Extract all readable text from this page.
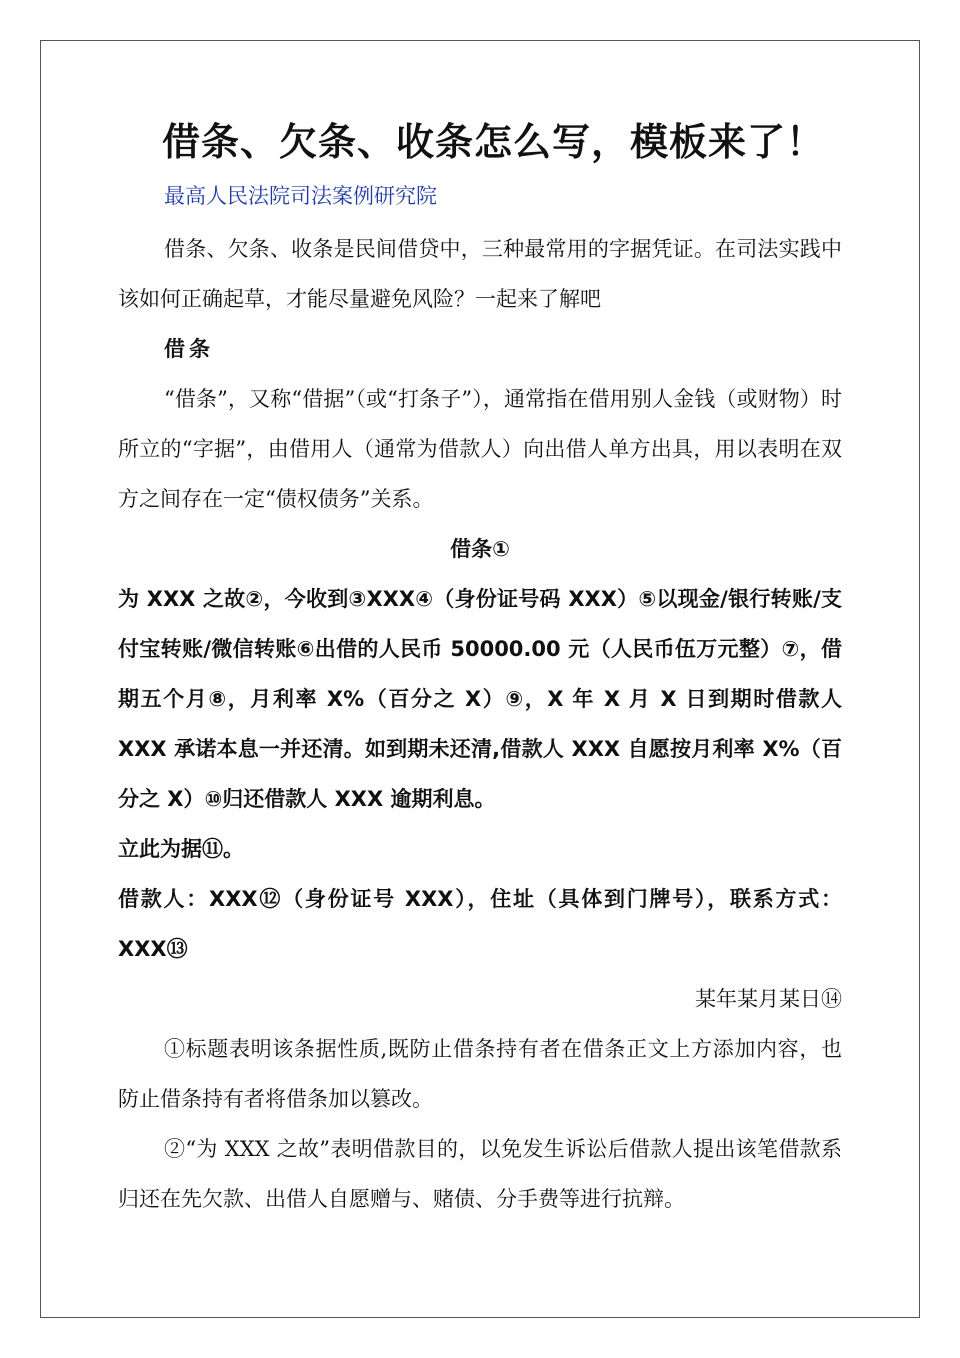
借条、欠条、收条怎么写，模板来了！
最高人民法院司法案例研究院

借条、欠条、收条是民间借贷中，三种最常用的字据凭证。在司法实践中该如何正确起草，才能尽量避免风险？一起来了解吧

借条

“借条”，又称“借据”（或“打条子”），通常指在借用别人金钱（或财物）时所立的“字据”，由借用人（通常为借款人）向出借人单方出具，用以表明在双方之间存在一定“债权债务”关系。

借条①

为 XXX 之故②，今收到③XXX④（身份证号码 XXX）⑤以现金/银行转账/支付宝转账/微信转账⑥出借的人民币 50000.00 元（人民币伍万元整）⑦，借期五个月⑧，月利率 X%（百分之 X）⑨，X 年 X 月 X 日到期时借款人 XXX 承诺本息一并还清。如到期未还清,借款人 XXX 自愿按月利率 X%（百分之 X）⑩归还借款人 XXX 逾期利息。

立此为据⑪。

借款人：XXX⑫（身份证号 XXX），住址（具体到门牌号），联系方式：XXX⑬

某年某月某日⑭

①标题表明该条据性质,既防止借条持有者在借条正文上方添加内容，也防止借条持有者将借条加以篡改。

②“为 XXX 之故”表明借款目的，以免发生诉讼后借款人提出该笔借款系归还在先欠款、出借人自愿赠与、赌债、分手费等进行抗辩。
